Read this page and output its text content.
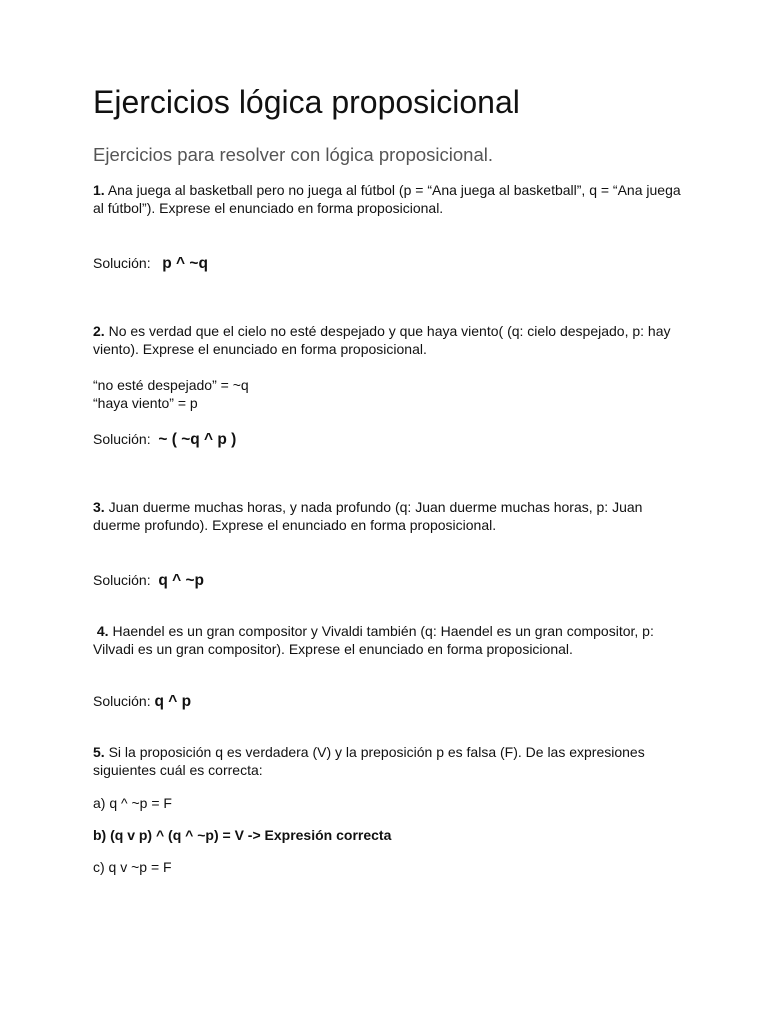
Ejercicios lógica proposicional
Ejercicios para resolver con lógica proposicional.

1. Ana juega al basketball pero no juega al fútbol (p = “Ana juega al basketball”, q = “Ana juega al fútbol”). Exprese el enunciado en forma proposicional.

Solución: p ^ ~q

2. No es verdad que el cielo no esté despejado y que haya viento( (q: cielo despejado, p: hay viento). Exprese el enunciado en forma proposicional.

“no esté despejado” = ~q
“haya viento” = p
Solución: ~ ( ~q ^ p )

3. Juan duerme muchas horas, y nada profundo (q: Juan duerme muchas horas, p: Juan duerme profundo). Exprese el enunciado en forma proposicional.

Solución: q ^ ~p

4. Haendel es un gran compositor y Vivaldi también (q: Haendel es un gran compositor, p: Vilvadi es un gran compositor). Exprese el enunciado en forma proposicional.

Solución: q ^ p

5. Si la proposición q es verdadera (V) y la preposición p es falsa (F). De las expresiones siguientes cuál es correcta:

a) q ^ ~p = F
b) (q v p) ^ (q ^ ~p) = V -> Expresión correcta
c) q v ~p = F
